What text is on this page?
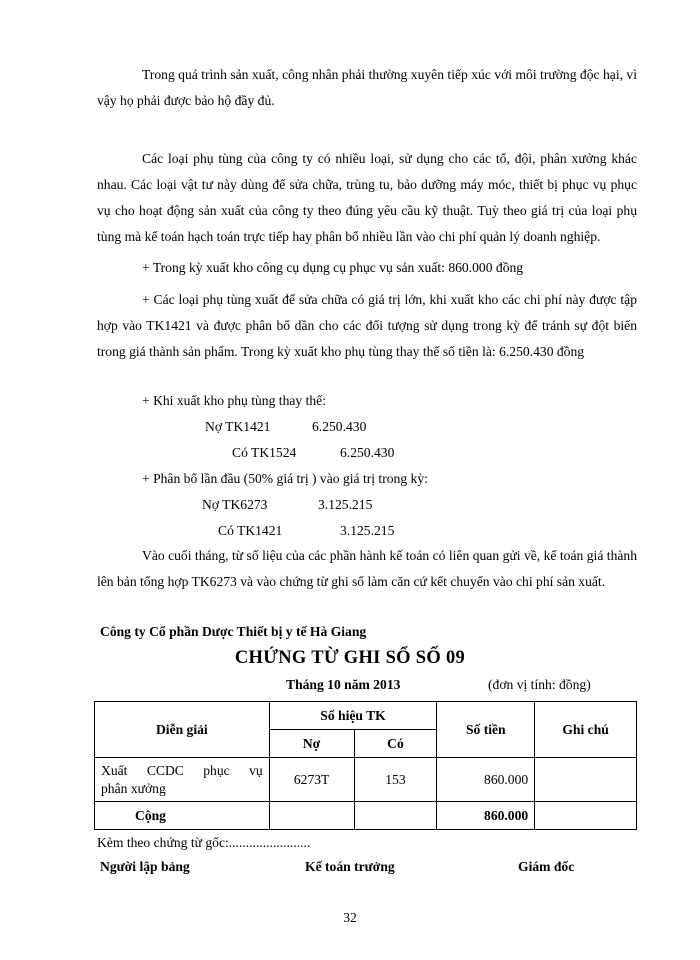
Trong quá trình sản xuất, công nhân phải thường xuyên tiếp xúc với môi trường độc hại, vì vậy họ phải được bảo hộ đầy đủ.
Các loại phụ tùng của công ty có nhiều loại, sử dụng cho các tổ, đội, phân xưởng khác nhau. Các loại vật tư này dùng để sửa chữa, trùng tu, bảo dưỡng máy móc, thiết bị phục vụ phục vụ cho hoạt động sản xuất của công ty theo đúng yêu cầu kỹ thuật. Tuỳ theo giá trị của loại phụ tùng mà kế toán hạch toán trực tiếp hay phân bổ nhiều lần vào chi phí quản lý doanh nghiệp.
+ Trong kỳ xuất kho công cụ dụng cụ phục vụ sản xuất: 860.000 đồng
+ Các loại phụ tùng xuất để sửa chữa có giá trị lớn, khi xuất kho các chi phí này được tập hợp vào TK1421 và được phân bổ dần cho các đối tượng sử dụng trong kỳ để tránh sự đột biến trong giá thành sản phẩm. Trong kỳ xuất kho phụ tùng thay thế số tiền là: 6.250.430 đồng
+ Khi xuất kho phụ tùng thay thế:
Nợ TK1421	6.250.430
Có TK1524	6.250.430
+ Phân bổ lần đầu (50% giá trị ) vào giá trị trong kỳ:
Nợ TK6273	3.125.215
Có TK1421	3.125.215
Vào cuối tháng, từ số liệu của các phần hành kế toán có liên quan gửi về, kế toán giá thành lên bản tổng hợp TK6273 và vào chứng từ ghi sổ làm căn cứ kết chuyển vào chi phí sản xuất.
Công ty Cổ phần Dược Thiết bị y tế Hà Giang
CHỨNG TỪ GHI SỔ SỐ 09
Tháng 10 năm 2013	(đơn vị tính: đồng)
Diễn giải	Số hiệu TK		Số tiền	Ghi chú
	Nợ	Có		

Xuất CCDC phục vụ
phân xưởng	6273T	153	860.000	
Cộng			860.000	
Kèm theo chứng từ gốc:........................
Người lập bảng	Kế toán trưởng	Giám đốc
32
